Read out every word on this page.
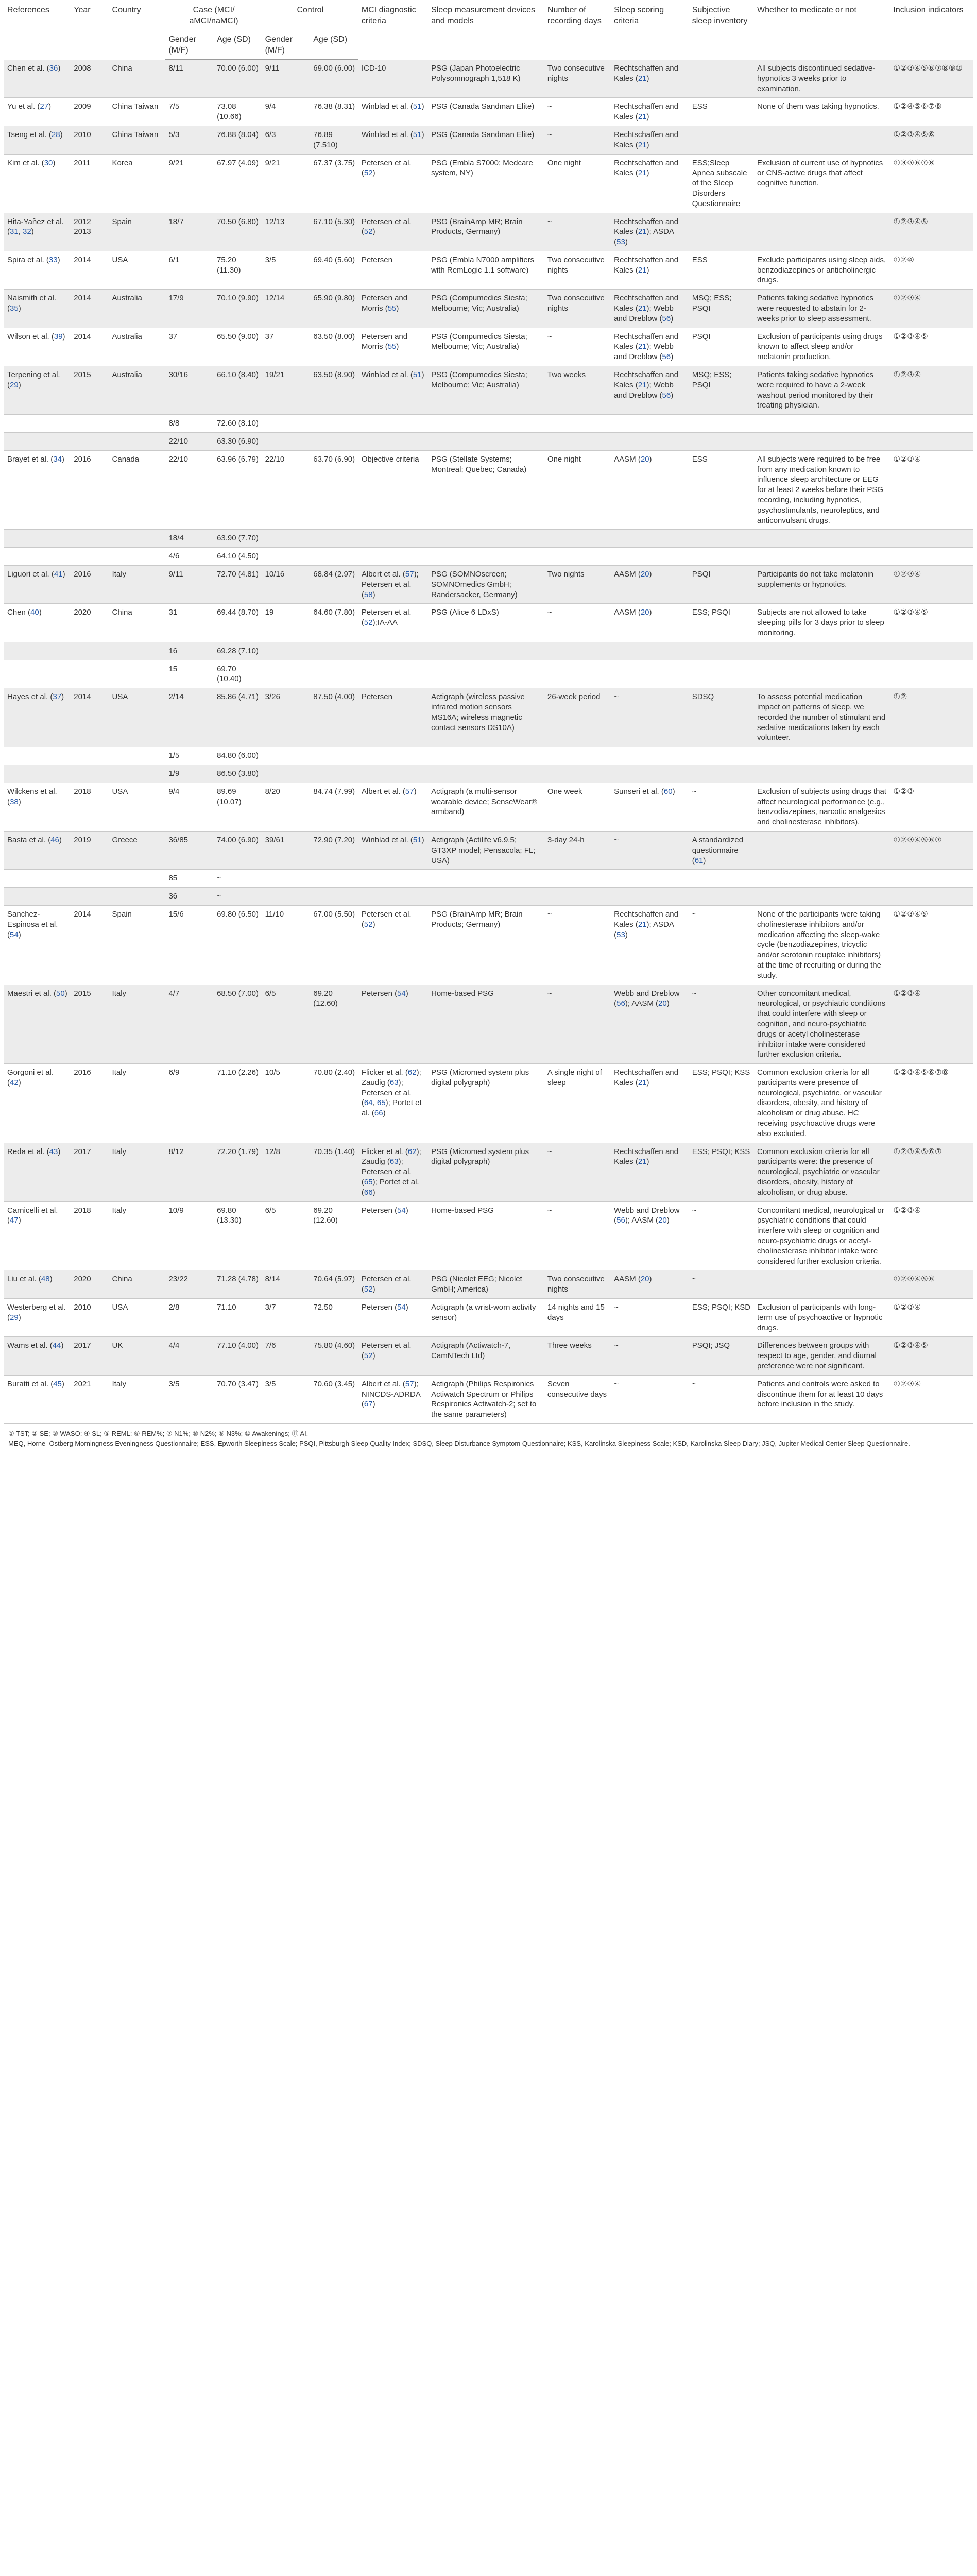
References	Year	Country	Case (MCI/ aMCI/naMCI)		Control		MCI diagnostic criteria	Sleep measurement devices and models	Number of recording days	Sleep scoring criteria	Subjective sleep inventory	Whether to medicate or not	Inclusion indicators
			Gender (M/F)	Age (SD)	Gender (M/F)	Age (SD)							
Chen et al. (36)	2008	China	8/11	70.00 (6.00)	9/11	69.00 (6.00)	ICD-10	PSG (Japan Photoelectric Polysomnograph 1,518 K)	Two consecutive nights	Rechtschaffen and Kales (21)		All subjects discontinued sedative-hypnotics 3 weeks prior to examination.	①②③④⑤⑥⑦⑧⑨⑩
Yu et al. (27)	2009	China Taiwan	7/5	73.08 (10.66)	9/4	76.38 (8.31)	Winblad et al. (51)	PSG (Canada Sandman Elite)	~	Rechtschaffen and Kales (21)	ESS	None of them was taking hypnotics.	①②④⑤⑥⑦⑧
Tseng et al. (28)	2010	China Taiwan	5/3	76.88 (8.04)	6/3	76.89 (7.510)	Winblad et al. (51)	PSG (Canada Sandman Elite)	~	Rechtschaffen and Kales (21)			①②③④⑤⑥
Kim et al. (30)	2011	Korea	9/21	67.97 (4.09)	9/21	67.37 (3.75)	Petersen et al. (52)	PSG (Embla S7000; Medcare system, NY)	One night	Rechtschaffen and Kales (21)	ESS;Sleep Apnea subscale of the Sleep Disorders Questionnaire	Exclusion of current use of hypnotics or CNS-active drugs that affect cognitive function.	①③⑤⑥⑦⑧
Hita-Yañez et al. (31, 32)	2012 2013	Spain	18/7	70.50 (6.80)	12/13	67.10 (5.30)	Petersen et al. (52)	PSG (BrainAmp MR; Brain Products, Germany)	~	Rechtschaffen and Kales (21); ASDA (53)			①②③④⑤
Spira et al. (33)	2014	USA	6/1	75.20 (11.30)	3/5	69.40 (5.60)	Petersen	PSG (Embla N7000 amplifiers with RemLogic 1.1 software)	Two consecutive nights	Rechtschaffen and Kales (21)	ESS	Exclude participants using sleep aids, benzodiazepines or anticholinergic drugs.	①②④
Naismith et al. (35)	2014	Australia	17/9	70.10 (9.90)	12/14	65.90 (9.80)	Petersen and Morris (55)	PSG (Compumedics Siesta; Melbourne; Vic; Australia)	Two consecutive nights	Rechtschaffen and Kales (21); Webb and Dreblow (56)	MSQ; ESS; PSQI	Patients taking sedative hypnotics were requested to abstain for 2-weeks prior to sleep assessment.	①②③④
Wilson et al. (39)	2014	Australia	37	65.50 (9.00)	37	63.50 (8.00)	Petersen and Morris (55)	PSG (Compumedics Siesta; Melbourne; Vic; Australia)	~	Rechtschaffen and Kales (21); Webb and Dreblow (56)	PSQI	Exclusion of participants using drugs known to affect sleep and/or melatonin production.	①②③④⑤
Terpening et al. (29)	2015	Australia	30/16	66.10 (8.40)	19/21	63.50 (8.90)	Winblad et al. (51)	PSG (Compumedics Siesta; Melbourne; Vic; Australia)	Two weeks	Rechtschaffen and Kales (21); Webb and Dreblow (56)	MSQ; ESS; PSQI	Patients taking sedative hypnotics were required to have a 2-week washout period monitored by their treating physician.	①②③④
			8/8	72.60 (8.10)									
			22/10	63.30 (6.90)									
Brayet et al. (34)	2016	Canada	22/10	63.96 (6.79)	22/10	63.70 (6.90)	Objective criteria	PSG (Stellate Systems; Montreal; Quebec; Canada)	One night	AASM (20)	ESS	All subjects were required to be free from any medication known to influence sleep architecture or EEG for at least 2 weeks before their PSG recording, including hypnotics, psychostimulants, neuroleptics, and anticonvulsant drugs.	①②③④
			18/4	63.90 (7.70)									
			4/6	64.10 (4.50)									
Liguori et al. (41)	2016	Italy	9/11	72.70 (4.81)	10/16	68.84 (2.97)	Albert et al. (57); Petersen et al. (58)	PSG (SOMNOscreen; SOMNOmedics GmbH; Randersacker, Germany)	Two nights	AASM (20)	PSQI	Participants do not take melatonin supplements or hypnotics.	①②③④
Chen (40)	2020	China	31	69.44 (8.70)	19	64.60 (7.80)	Petersen et al. (52);IA-AA	PSG (Alice 6 LDxS)	~	AASM (20)	ESS; PSQI	Subjects are not allowed to take sleeping pills for 3 days prior to sleep monitoring.	①②③④⑤
			16	69.28 (7.10)									
			15	69.70 (10.40)									
Hayes et al. (37)	2014	USA	2/14	85.86 (4.71)	3/26	87.50 (4.00)	Petersen	Actigraph (wireless passive infrared motion sensors MS16A; wireless magnetic contact sensors DS10A)	26-week period	~	SDSQ	To assess potential medication impact on patterns of sleep, we recorded the number of stimulant and sedative medications taken by each volunteer.	①②
			1/5	84.80 (6.00)									
			1/9	86.50 (3.80)									
Wilckens et al. (38)	2018	USA	9/4	89.69 (10.07)	8/20	84.74 (7.99)	Albert et al. (57)	Actigraph (a multi-sensor wearable device; SenseWear® armband)	One week	Sunseri et al. (60)	~	Exclusion of subjects using drugs that affect neurological performance (e.g., benzodiazepines, narcotic analgesics and cholinesterase inhibitors).	①②③
Basta et al. (46)	2019	Greece	36/85	74.00 (6.90)	39/61	72.90 (7.20)	Winblad et al. (51)	Actigraph (Actilife v6.9.5; GT3XP model; Pensacola; FL; USA)	3-day 24-h	~	A standardized questionnaire (61)		①②③④⑤⑥⑦
			85	~									
			36	~									
Sanchez-Espinosa et al. (54)	2014	Spain	15/6	69.80 (6.50)	11/10	67.00 (5.50)	Petersen et al. (52)	PSG (BrainAmp MR; Brain Products; Germany)	~	Rechtschaffen and Kales (21); ASDA (53)	~	None of the participants were taking cholinesterase inhibitors and/or medication affecting the sleep-wake cycle (benzodiazepines, tricyclic and/or serotonin reuptake inhibitors) at the time of recruiting or during the study.	①②③④⑤
Maestri et al. (50)	2015	Italy	4/7	68.50 (7.00)	6/5	69.20 (12.60)	Petersen (54)	Home-based PSG	~	Webb and Dreblow (56); AASM (20)	~	Other concomitant medical, neurological, or psychiatric conditions that could interfere with sleep or cognition, and neuro-psychiatric drugs or acetyl cholinesterase inhibitor intake were considered further exclusion criteria.	①②③④
Gorgoni et al. (42)	2016	Italy	6/9	71.10 (2.26)	10/5	70.80 (2.40)	Flicker et al. (62); Zaudig (63); Petersen et al. (64, 65); Portet et al. (66)	PSG (Micromed system plus digital polygraph)	A single night of sleep	Rechtschaffen and Kales (21)	ESS; PSQI; KSS	Common exclusion criteria for all participants were presence of neurological, psychiatric, or vascular disorders, obesity, and history of alcoholism or drug abuse. HC receiving psychoactive drugs were also excluded.	①②③④⑤⑥⑦⑧
Reda et al. (43)	2017	Italy	8/12	72.20 (1.79)	12/8	70.35 (1.40)	Flicker et al. (62); Zaudig (63); Petersen et al. (65); Portet et al. (66)	PSG (Micromed system plus digital polygraph)	~	Rechtschaffen and Kales (21)	ESS; PSQI; KSS	Common exclusion criteria for all participants were: the presence of neurological, psychiatric or vascular disorders, obesity, history of alcoholism, or drug abuse.	①②③④⑤⑥⑦
Carnicelli et al. (47)	2018	Italy	10/9	69.80 (13.30)	6/5	69.20 (12.60)	Petersen (54)	Home-based PSG	~	Webb and Dreblow (56); AASM (20)	~	Concomitant medical, neurological or psychiatric conditions that could interfere with sleep or cognition and neuro-psychiatric drugs or acetyl-cholinesterase inhibitor intake were considered further exclusion criteria.	①②③④
Liu et al. (48)	2020	China	23/22	71.28 (4.78)	8/14	70.64 (5.97)	Petersen et al. (52)	PSG (Nicolet EEG; Nicolet GmbH; America)	Two consecutive nights	AASM (20)	~		①②③④⑤⑥
Westerberg et al. (29)	2010	USA	2/8	71.10	3/7	72.50	Petersen (54)	Actigraph (a wrist-worn activity sensor)	14 nights and 15 days	~	ESS; PSQI; KSD	Exclusion of participants with long-term use of psychoactive or hypnotic drugs.	①②③④
Wams et al. (44)	2017	UK	4/4	77.10 (4.00)	7/6	75.80 (4.60)	Petersen et al. (52)	Actigraph (Actiwatch-7, CamNTech Ltd)	Three weeks	~	PSQI; JSQ	Differences between groups with respect to age, gender, and diurnal preference were not significant.	①②③④⑤
Buratti et al. (45)	2021	Italy	3/5	70.70 (3.47)	3/5	70.60 (3.45)	Albert et al. (57); NINCDS-ADRDA (67)	Actigraph (Philips Respironics Actiwatch Spectrum or Philips Respironics Actiwatch-2; set to the same parameters)	Seven consecutive days	~	~	Patients and controls were asked to discontinue them for at least 10 days before inclusion in the study.	①②③④

① TST; ② SE; ③ WASO; ④ SL; ⑤ REML; ⑥ REM%; ⑦ N1%; ⑧ N2%; ⑨ N3%; ⑩ Awakenings; ⑪ AI.

MEQ, Horne–Östberg Morningness Eveningness Questionnaire; ESS, Epworth Sleepiness Scale; PSQI, Pittsburgh Sleep Quality Index; SDSQ, Sleep Disturbance Symptom Questionnaire; KSS, Karolinska Sleepiness Scale; KSD, Karolinska Sleep Diary; JSQ, Jupiter Medical Center Sleep Questionnaire.
